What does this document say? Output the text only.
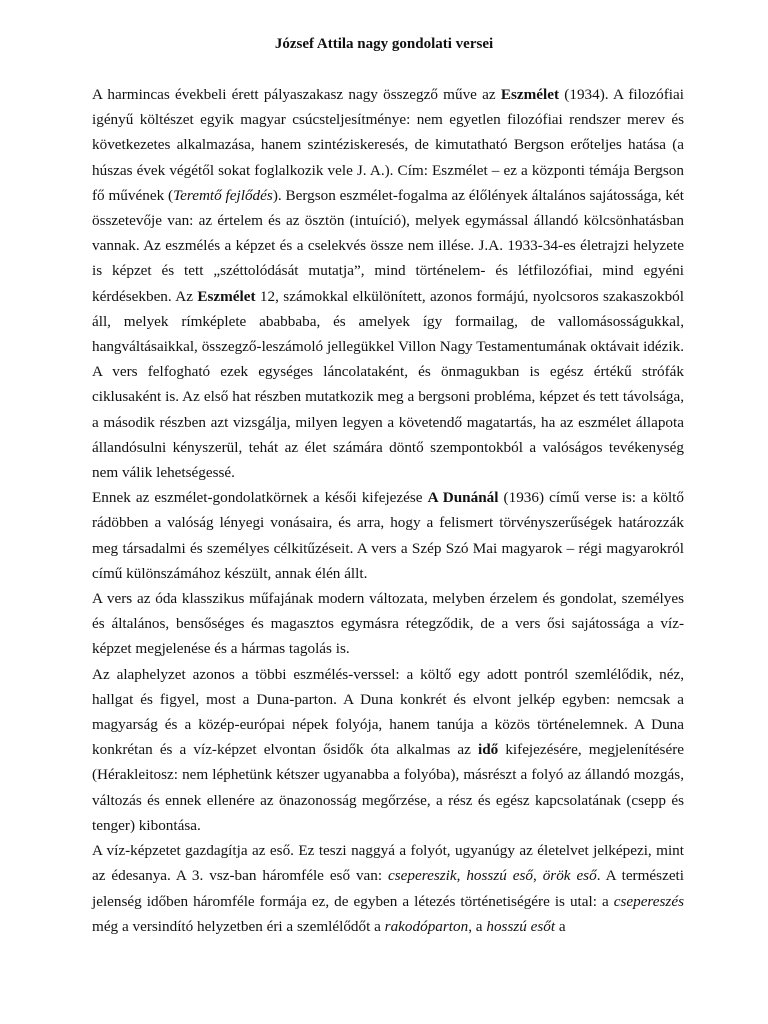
József Attila nagy gondolati versei

A harmincas évekbeli érett pályaszakasz nagy összegző műve az Eszmélet (1934). A filozófiai igényű költészet egyik magyar csúcsteljesítménye: nem egyetlen filozófiai rendszer merev és következetes alkalmazása, hanem szintéziskeresés, de kimutatható Bergson erőteljes hatása (a húszas évek végétől sokat foglalkozik vele J. A.). Cím: Eszmélet – ez a központi témája Bergson fő művének (Teremtő fejlődés). Bergson eszmélet-fogalma az élőlények általános sajátossága, két összetevője van: az értelem és az ösztön (intuíció), melyek egymással állandó kölcsönhatásban vannak. Az eszmélés a képzet és a cselekvés össze nem illése. J.A. 1933-34-es életrajzi helyzete is képzet és tett „széttolódását mutatja”, mind történelem- és létfilozófiai, mind egyéni kérdésekben. Az Eszmélet 12, számokkal elkülönített, azonos formájú, nyolcsoros szakaszokból áll, melyek rímképlete ababbaba, és amelyek így formailag, de vallomásosságukkal, hangváltásaikkal, összegző-leszámoló jellegükkel Villon Nagy Testamentumának oktávait idézik. A vers felfogható ezek egységes láncolataként, és önmagukban is egész értékű strófák ciklusaként is. Az első hat részben mutatkozik meg a bergsoni probléma, képzet és tett távolsága, a második részben azt vizsgálja, milyen legyen a követendő magatartás, ha az eszmélet állapota állandósulni kényszerül, tehát az élet számára döntő szempontokból a valóságos tevékenység nem válik lehetségessé.

Ennek az eszmélet-gondolatkörnek a késői kifejezése A Dunánál (1936) című verse is: a költő rádöbben a valóság lényegi vonásaira, és arra, hogy a felismert törvényszerűségek határozzák meg társadalmi és személyes célkitűzéseit. A vers a Szép Szó Mai magyarok – régi magyarokról című különszámához készült, annak élén állt.

A vers az óda klasszikus műfajának modern változata, melyben érzelem és gondolat, személyes és általános, bensőséges és magasztos egymásra rétegződik, de a vers ősi sajátossága a víz-képzet megjelenése és a hármas tagolás is.

Az alaphelyzet azonos a többi eszmélés-verssel: a költő egy adott pontról szemlélődik, néz, hallgat és figyel, most a Duna-parton. A Duna konkrét és elvont jelkép egyben: nemcsak a magyarság és a közép-európai népek folyója, hanem tanúja a közös történelemnek. A Duna konkrétan és a víz-képzet elvontan ősidők óta alkalmas az idő kifejezésére, megjelenítésére (Hérakleitosz: nem léphetünk kétszer ugyanabba a folyóba), másrészt a folyó az állandó mozgás, változás és ennek ellenére az önazonosság megőrzése, a rész és egész kapcsolatának (csepp és tenger) kibontása.

A víz-képzetet gazdagítja az eső. Ez teszi naggyá a folyót, ugyanúgy az életelvet jelképezi, mint az édesanya. A 3. vsz-ban háromféle eső van: csepereszik, hosszú eső, örök eső. A természeti jelenség időben háromféle formája ez, de egyben a létezés történetiségére is utal: a csepereszés még a versindító helyzetben éri a szemlélődőt a rakodóparton, a hosszú esőt a
